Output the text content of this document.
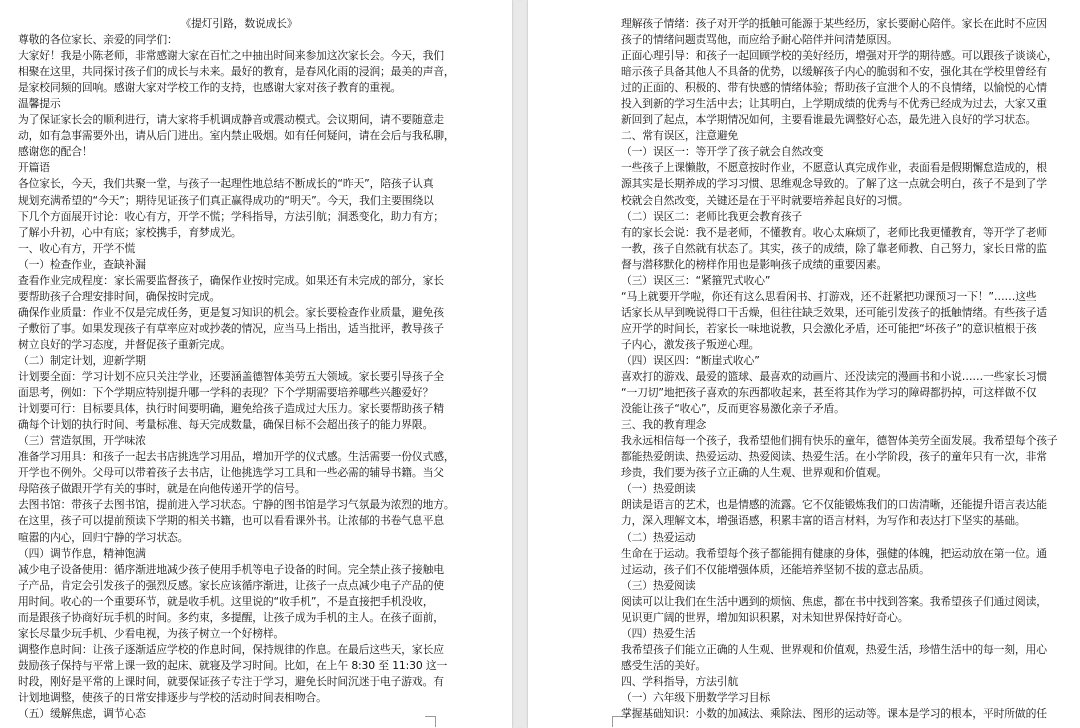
《提灯引路，数说成长》
尊敬的各位家长、亲爱的同学们：
大家好！我是小陈老师，非常感谢大家在百忙之中抽出时间来参加这次家长会。今天，我们
相聚在这里，共同探讨孩子们的成长与未来。最好的教育，是春风化雨的浸润；最美的声音，
是家校同频的回响。感谢大家对学校工作的支持，也感谢大家对孩子教育的重视。
温馨提示
为了保证家长会的顺利进行，请大家将手机调成静音或震动模式。会议期间，请不要随意走
动，如有急事需要外出，请从后门进出。室内禁止吸烟。如有任何疑问，请在会后与我私聊，
感谢您的配合！
开篇语
各位家长，今天，我们共聚一堂，与孩子一起理性地总结不断成长的“昨天”，陪孩子认真
规划充满希望的“今天”；期待见证孩子们真正赢得成功的“明天”。今天，我们主要围绕以
下几个方面展开讨论：收心有方，开学不慌；学科指导，方法引航；洞悉变化，助力有方；
了解小升初，心中有底；家校携手，育梦成光。
一、收心有方，开学不慌
（一）检查作业，查缺补漏
查看作业完成程度：家长需要监督孩子，确保作业按时完成。如果还有未完成的部分，家长
要帮助孩子合理安排时间，确保按时完成。
确保作业质量：作业不仅是完成任务，更是复习知识的机会。家长要检查作业质量，避免孩
子敷衍了事。如果发现孩子有草率应对或抄袭的情况，应当马上指出，适当批评，教导孩子
树立良好的学习态度，并督促孩子重新完成。
（二）制定计划，迎新学期
计划要全面：学习计划不应只关注学业，还要涵盖德智体美劳五大领域。家长要引导孩子全
面思考，例如：下个学期应特别提升哪一学科的表现？下个学期需要培养哪些兴趣爱好？
计划要可行：目标要具体，执行时间要明确，避免给孩子造成过大压力。家长要帮助孩子精
确每个计划的执行时间、考量标准、每天完成数量，确保目标不会超出孩子的能力界限。
（三）营造氛围，开学味浓
准备学习用具：和孩子一起去书店挑选学习用品，增加开学的仪式感。生活需要一份仪式感，
开学也不例外。父母可以带着孩子去书店，让他挑选学习工具和一些必需的辅导书籍。当父
母陪孩子做跟开学有关的事时，就是在向他传递开学的信号。
去图书馆：带孩子去图书馆，提前进入学习状态。宁静的图书馆是学习气氛最为浓烈的地方。
在这里，孩子可以提前预读下学期的相关书籍，也可以看看课外书。让浓郁的书卷气息平息
喧嚣的内心，回归宁静的学习状态。
（四）调节作息，精神饱满
减少电子设备使用：循序渐进地减少孩子使用手机等电子设备的时间。完全禁止孩子接触电
子产品，肯定会引发孩子的强烈反感。家长应该循序渐进，让孩子一点点减少电子产品的使
用时间。收心的一个重要环节，就是收手机。这里说的“收手机”，不是直接把手机没收，
而是跟孩子协商好玩手机的时间。多约束，多提醒，让孩子成为手机的主人。在孩子面前，
家长尽量少玩手机、少看电视，为孩子树立一个好榜样。
调整作息时间：让孩子逐渐适应学校的作息时间，保持规律的作息。在最后这些天，家长应
鼓励孩子保持与平常上课一致的起床、就寝及学习时间。比如，在上午 8:30 至 11:30 这一
时段，刚好是平常的上课时间，就要保证孩子专注于学习，避免长时间沉迷于电子游戏。有
计划地调整，使孩子的日常安排逐步与学校的活动时间表相吻合。
（五）缓解焦虑，调节心态
理解孩子情绪：孩子对开学的抵触可能源于某些经历，家长要耐心陪伴。家长在此时不应因
孩子的情绪问题责骂他，而应给予耐心陪伴并问清楚原因。
正面心理引导：和孩子一起回顾学校的美好经历，增强对开学的期待感。可以跟孩子谈谈心，
暗示孩子具备其他人不具备的优势，以缓解孩子内心的脆弱和不安，强化其在学校里曾经有
过的正面的、积极的、带有快感的情绪体验；帮助孩子宣泄个人的不良情绪，以愉悦的心情
投入到新的学习生活中去；让其明白，上学期成绩的优秀与不优秀已经成为过去，大家又重
新回到了起点，本学期情况如何，主要看谁最先调整好心态，最先进入良好的学习状态。
二、常有误区，注意避免
（一）误区一：等开学了孩子就会自然改变
一些孩子上课懒散，不愿意按时作业，不愿意认真完成作业，表面看是假期懈怠造成的，根
源其实是长期养成的学习习惯、思维观念导致的。了解了这一点就会明白，孩子不是到了学
校就会自然改变，关键还是在于平时就要培养起良好的习惯。
（二）误区二：老师比我更会教育孩子
有的家长会说：我不是老师，不懂教育。收心太麻烦了，老师比我更懂教育，等开学了老师
一教，孩子自然就有状态了。其实，孩子的成绩，除了靠老师教、自己努力，家长日常的监
督与潜移默化的榜样作用也是影响孩子成绩的重要因素。
（三）误区三：“紧箍咒式收心”
“马上就要开学啦，你还有这么思看闲书、打游戏，还不赶紧把功课预习一下！”……这些
话家长从早到晚说得口干舌燥，但往往缺乏效果，还可能引发孩子的抵触情绪。有些孩子适
应开学的时间长，若家长一味地说教，只会激化矛盾，还可能把“坏孩子”的意识植根于孩
子内心，激发孩子叛逆心理。
（四）误区四：“断崖式收心”
喜欢打的游戏、最爱的篮球、最喜欢的动画片、还没读完的漫画书和小说……一些家长习惯
“一刀切”地把孩子喜欢的东西都收起来，甚至将其作为学习的障碍都扔掉，可这样做不仅
没能让孩子“收心”，反而更容易激化亲子矛盾。
三、我的教育理念
我永远相信每一个孩子，我希望他们拥有快乐的童年，德智体美劳全面发展。我希望每个孩子
都能热爱朗读、热爱运动、热爱阅读、热爱生活。在小学阶段，孩子的童年只有一次，非常
珍贵，我们要为孩子立正确的人生观、世界观和价值观。
（一）热爱朗读
朗读是语言的艺术，也是情感的流露。它不仅能锻炼我们的口齿清晰，还能提升语言表达能
力，深入理解文本，增强语感，积累丰富的语言材料，为写作和表达打下坚实的基础。
（二）热爱运动
生命在于运动。我希望每个孩子都能拥有健康的身体，强健的体魄，把运动放在第一位。通
过运动，孩子们不仅能增强体质，还能培养坚韧不拔的意志品质。
（三）热爱阅读
阅读可以让我们在生活中遇到的烦恼、焦虑，都在书中找到答案。我希望孩子们通过阅读，
见识更广阔的世界，增加知识积累，对未知世界保持好奇心。
（四）热爱生活
我希望孩子们能立正确的人生观、世界观和价值观，热爱生活，珍惜生活中的每一刻，用心
感受生活的美好。
四、学科指导，方法引航
（一）六年级下册数学学习目标
掌握基础知识：小数的加减法、乘除法、图形的运动等。课本是学习的根本，平时所做的任
